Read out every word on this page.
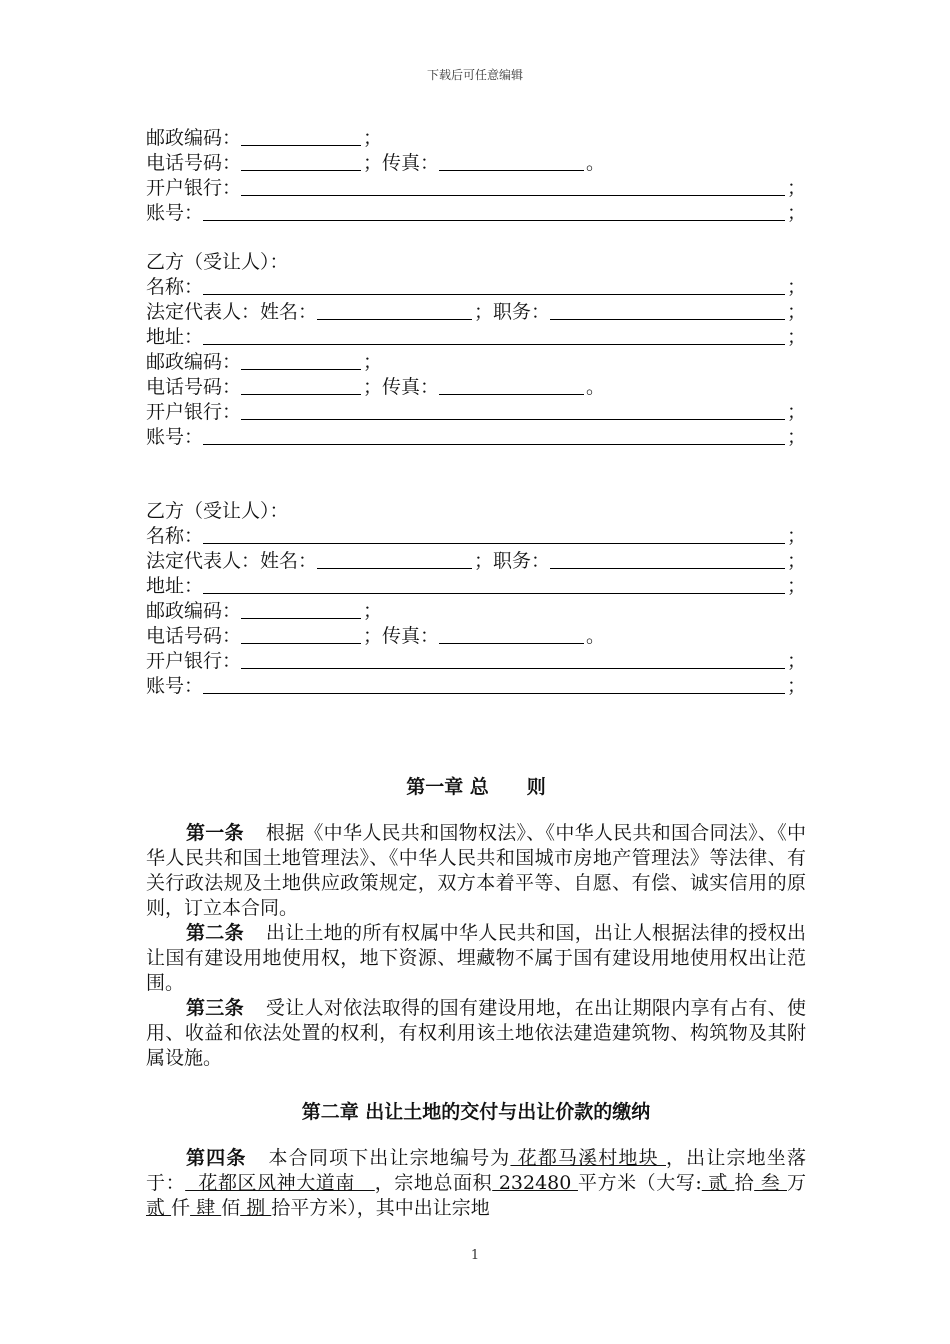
下载后可任意编辑
邮政编码：	；
电话号码：	； 传真：	。
开户银行：	；
账号：	；
乙方（受让人）：
名称：	；
法定代表人：姓名：	； 职务：	；
地址：	；
邮政编码：	；
电话号码：	； 传真：	。
开户银行：	；
账号：	；
乙方（受让人）：
名称：	；
法定代表人：姓名：	； 职务：	；
地址：	；
邮政编码：	；
电话号码：	； 传真：	。
开户银行：	；
账号：	；
第一章 总　　则

第一条 根据《中华人民共和国物权法》、《中华人民共和国合同法》、《中华人民共和国土地管理法》、《中华人民共和国城市房地产管理法》等法律、有关行政法规及土地供应政策规定，双方本着平等、自愿、有偿、诚实信用的原则，订立本合同。

第二条 出让土地的所有权属中华人民共和国，出让人根据法律的授权出让国有建设用地使用权，地下资源、埋藏物不属于国有建设用地使用权出让范围。

第三条 受让人对依法取得的国有建设用地，在出让期限内享有占有、使用、收益和依法处置的权利，有权利用该土地依法建造建筑物、构筑物及其附属设施。

第二章 出让土地的交付与出让价款的缴纳

第四条 本合同项下出让宗地编号为 花都马溪村地块 ，出让宗地坐落于：  花都区风神大道南   ，宗地总面积 232480 平方米（大写: 贰 拾 叁 万 贰 仟 肆 佰 捌 拾平方米），其中出让宗地

1
